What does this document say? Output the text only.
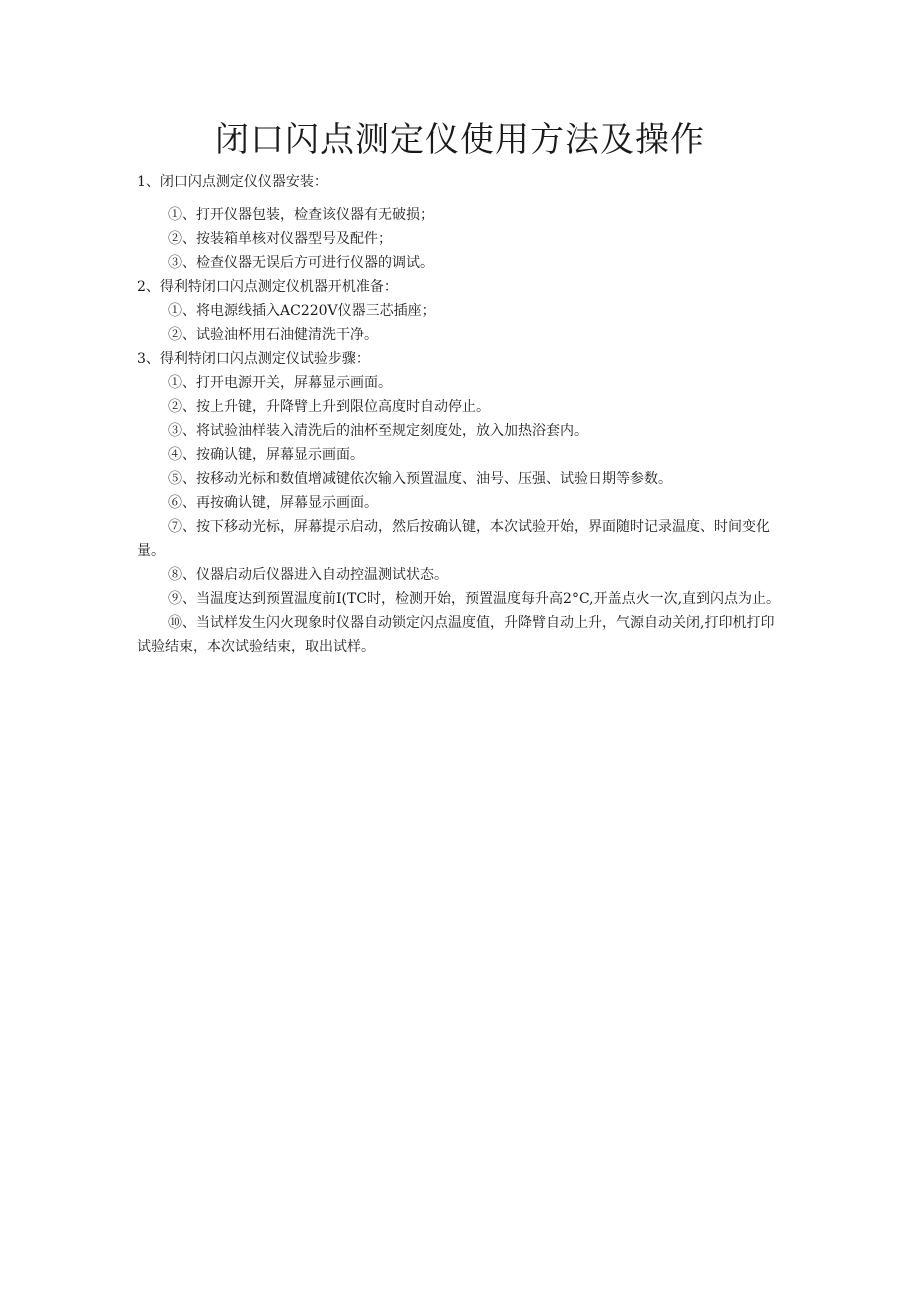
闭口闪点测定仪使用方法及操作

1、闭口闪点测定仪仪器安装：

①、打开仪器包装，检查该仪器有无破损；

②、按装箱单核对仪器型号及配件；

③、检查仪器无误后方可进行仪器的调试。

2、得利特闭口闪点测定仪机器开机准备：

①、将电源线插入AC220V仪器三芯插座；

②、试验油杯用石油健清洗干净。

3、得利特闭口闪点测定仪试验步骤：

①、打开电源开关，屏幕显示画面。

②、按上升键，升降臂上升到限位高度时自动停止。

③、将试验油样装入清洗后的油杯至规定刻度处，放入加热浴套内。

④、按确认键，屏幕显示画面。

⑤、按移动光标和数值增减键依次输入预置温度、油号、压强、试验日期等参数。

⑥、再按确认键，屏幕显示画面。

⑦、按下移动光标，屏幕提示启动，然后按确认键，本次试验开始，界面随时记录温度、时间变化量。

⑧、仪器启动后仪器进入自动控温测试状态。

⑨、当温度达到预置温度前I(TC时，检测开始，预置温度每升高2°C,开盖点火一次,直到闪点为止。

⑩、当试样发生闪火现象时仪器自动锁定闪点温度值，升降臂自动上升，气源自动关闭,打印机打印试验结束，本次试验结束，取出试样。
